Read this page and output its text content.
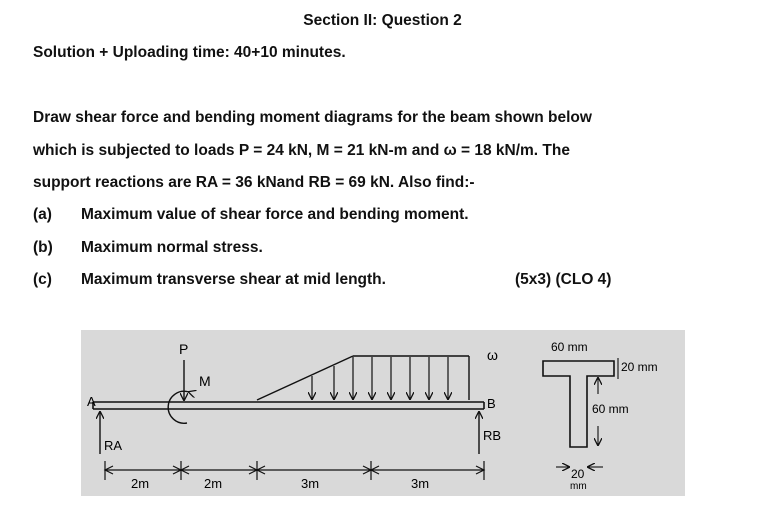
Section II: Question 2
Solution + Uploading time: 40+10 minutes.
Draw shear force and bending moment diagrams for the beam shown below
which is subjected to loads P = 24 kN, M = 21 kN-m and ω = 18 kN/m. The
support reactions are RA = 36 kNand RB = 69 kN. Also find:-
(a) Maximum value of shear force and bending moment.
(b) Maximum normal stress.
(c) Maximum transverse shear at mid length.	(5x3) (CLO 4)
A	B
P
M
ω
RA
RB
2m	2m	3m	3m
60 mm
20 mm
60 mm
20
mm
